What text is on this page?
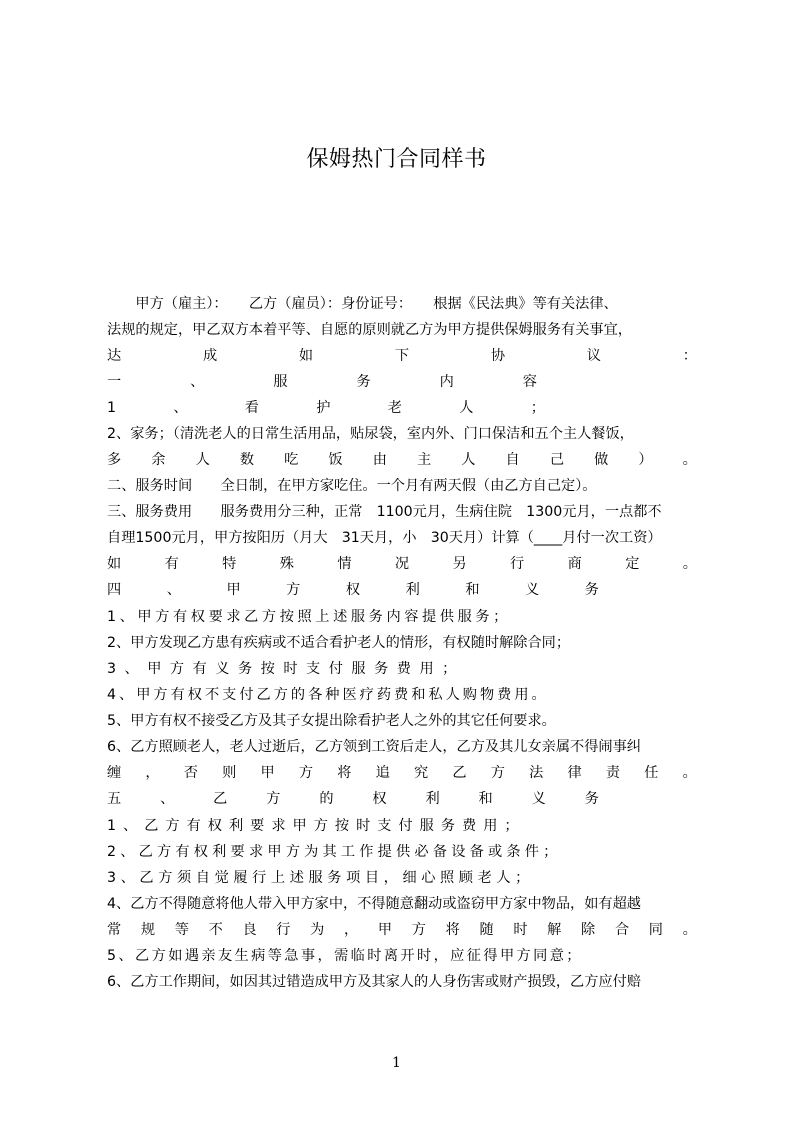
保姆热门合同样书
　　甲方（雇主）：　　乙方（雇员）：身份证号：　　根据《民法典》等有关法律、
法规的规定，甲乙双方本着平等、自愿的原则就乙方为甲方提供保姆服务有关事宜，
达	成	如	下	协	议	：
一	、	服	务	内	容
1	、	看	护	老	人	；
2、家务；（清洗老人的日常生活用品，贴尿袋，室内外、门口保洁和五个主人餐饭，
多 余 人 数 吃 饭 由 主 人 自 己 做 ） 。
二、服务时间　　全日制，在甲方家吃住。一个月有两天假（由乙方自己定）。
三、服务费用　　服务费用分三种，正常　1100元月，生病住院　1300元月，一点都不
自理1500元月，甲方按阳历（月大　31天月，小　30天月）计算（____月付一次工资）
如	有	特	殊	情	况	另	行	商	定	。
四	、	甲	方	权	利	和	义	务
1、甲方有权要求乙方按照上述服务内容提供服务；
2、甲方发现乙方患有疾病或不适合看护老人的情形，有权随时解除合同；
3、甲方有义务按时支付服务费用；
4、甲方有权不支付乙方的各种医疗药费和私人购物费用。
5、甲方有权不接受乙方及其子女提出除看护老人之外的其它任何要求。
6、乙方照顾老人，老人过逝后，乙方领到工资后走人，乙方及其儿女亲属不得闹事纠
缠 ， 否 则 甲 方 将 追 究 乙 方 法 律 责 任 。
五	、	乙	方	的	权	利	和	义	务
1、乙方有权利要求甲方按时支付服务费用；
2、乙方有权利要求甲方为其工作提供必备设备或条件；
3、乙方须自觉履行上述服务项目，细心照顾老人；
4、乙方不得随意将他人带入甲方家中，不得随意翻动或盗窃甲方家中物品，如有超越
常 规 等 不 良 行 为 ， 甲 方 将 随 时 解 除 合 同 。
5、乙方如遇亲友生病等急事，需临时离开时，应征得甲方同意；
6、乙方工作期间，如因其过错造成甲方及其家人的人身伤害或财产损毁，乙方应付赔
1
